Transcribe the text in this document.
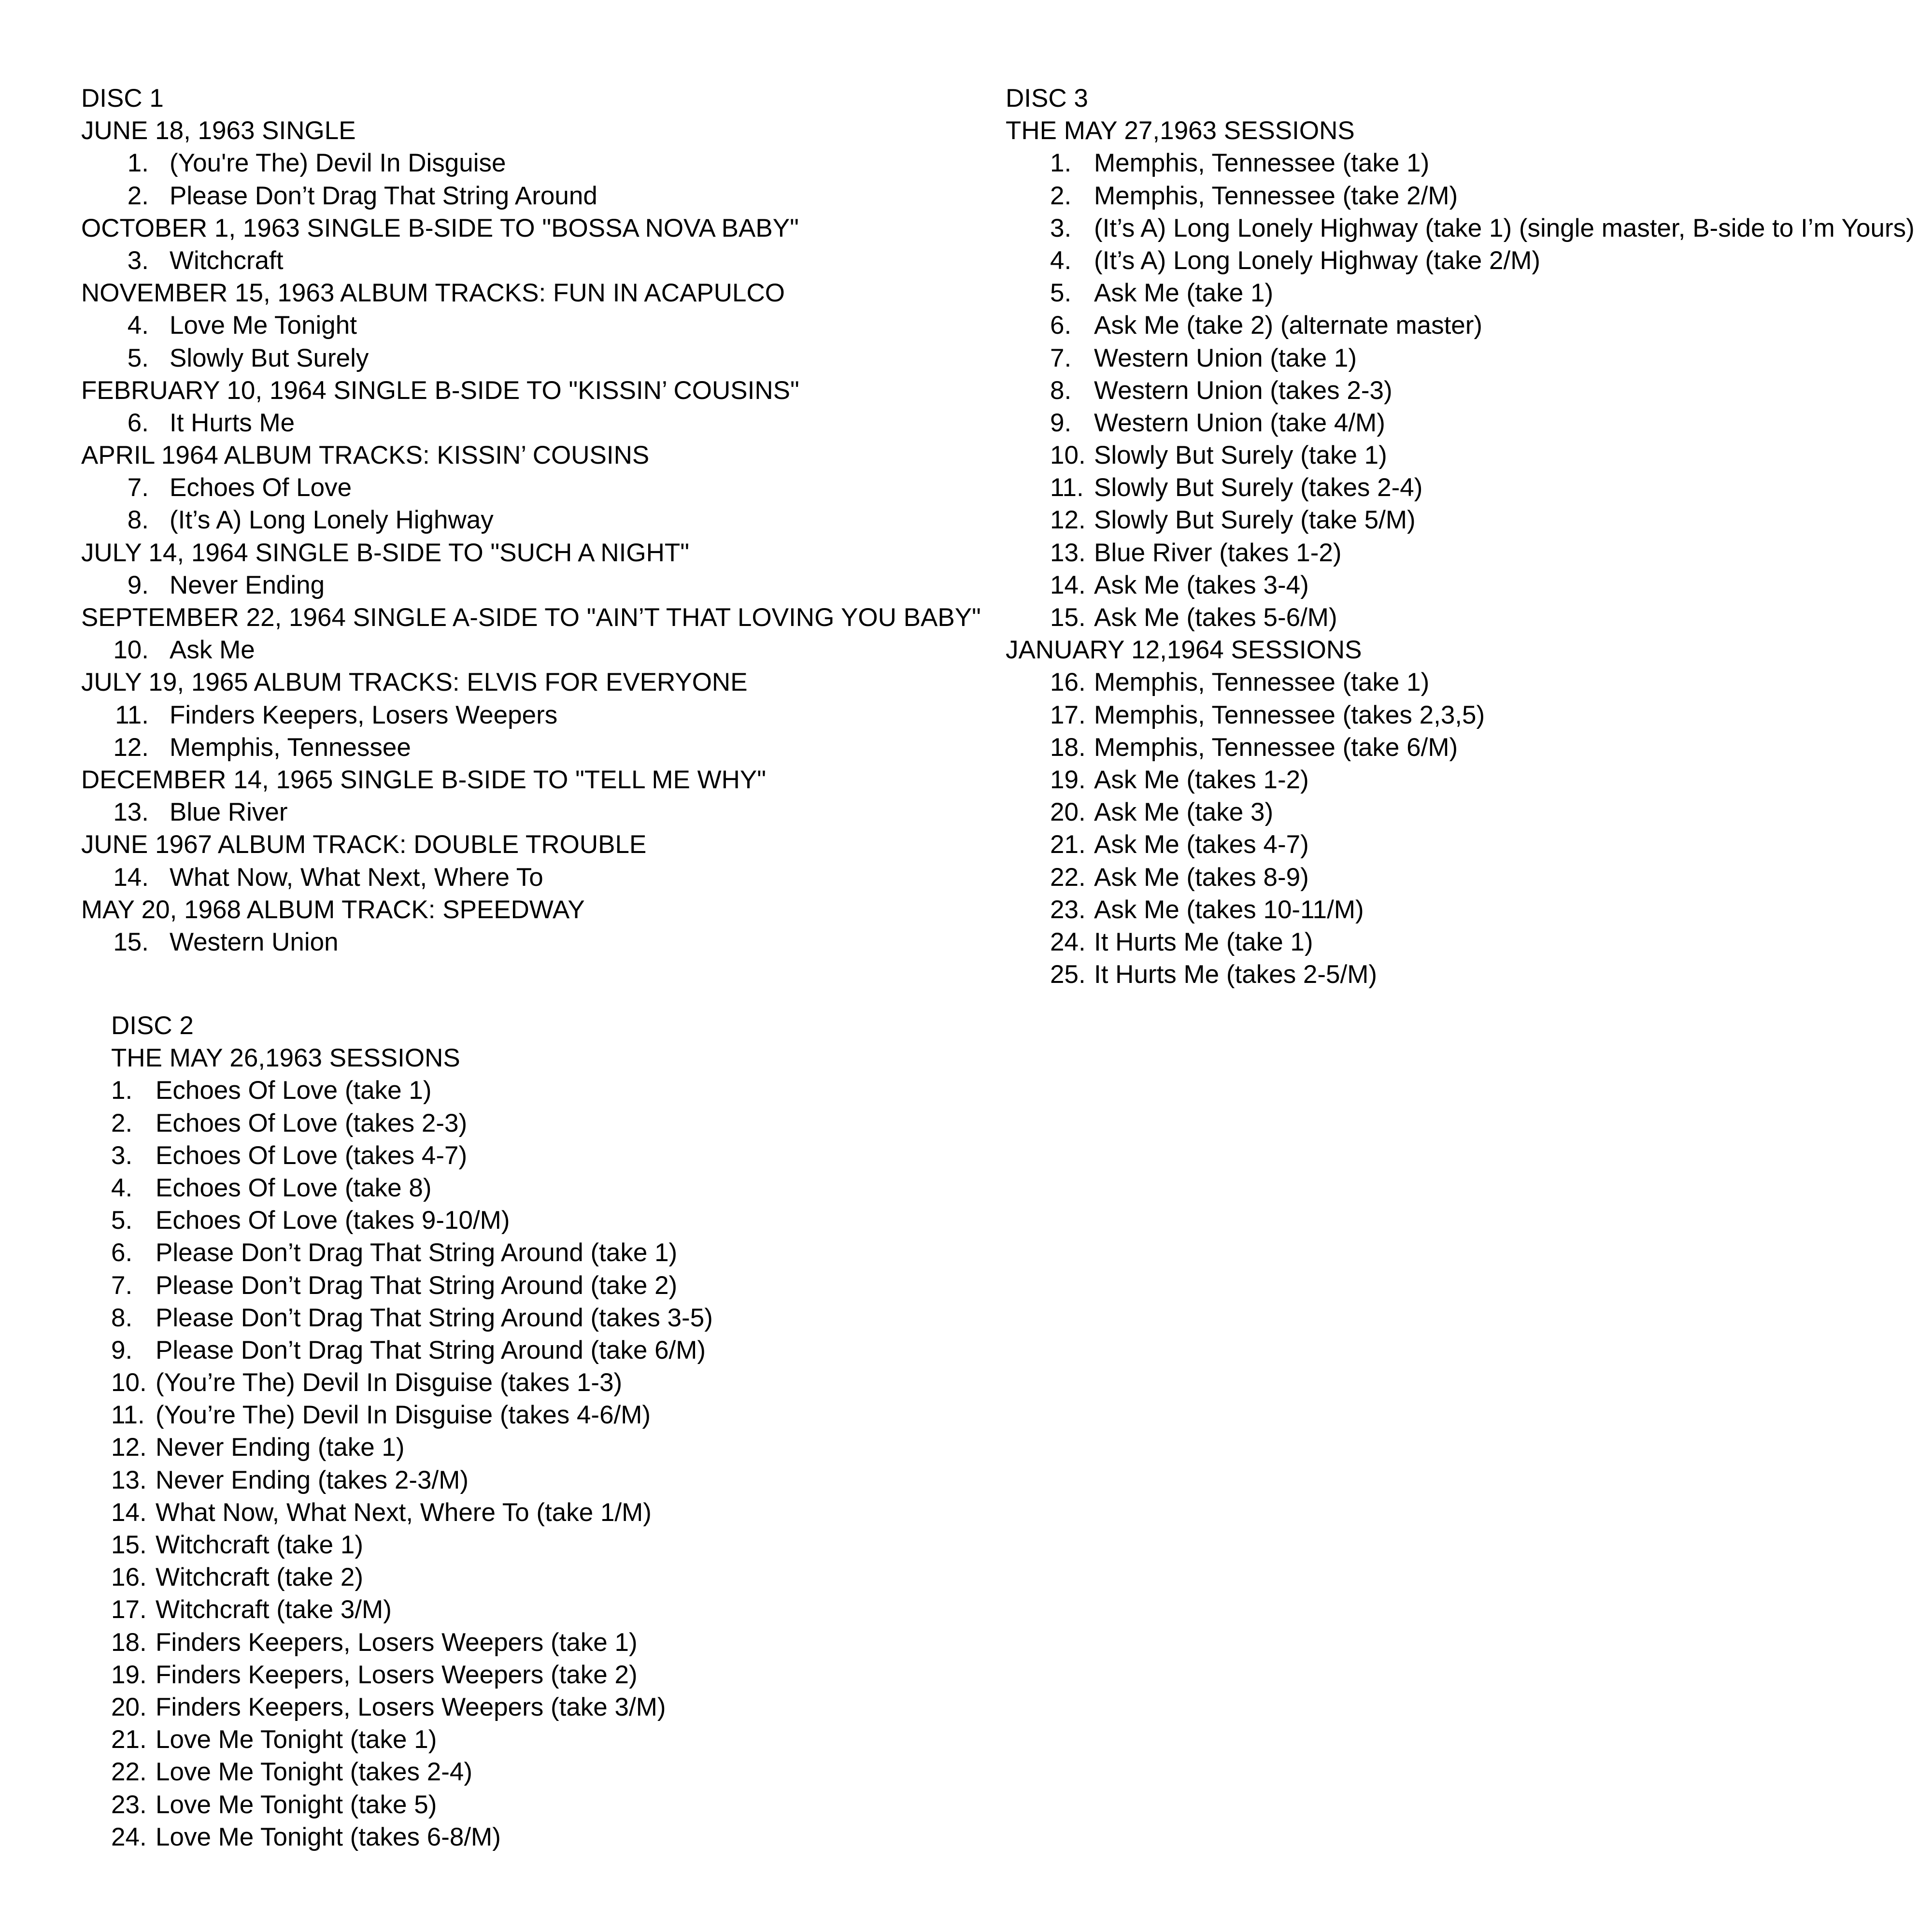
DISC 1
JUNE 18, 1963 SINGLE
1. (You're The) Devil In Disguise
2. Please Don’t Drag That String Around
OCTOBER 1, 1963 SINGLE B-SIDE TO "BOSSA NOVA BABY"
3. Witchcraft
NOVEMBER 15, 1963 ALBUM TRACKS: FUN IN ACAPULCO
4. Love Me Tonight
5. Slowly But Surely
FEBRUARY 10, 1964 SINGLE B-SIDE TO "KISSIN’ COUSINS"
6. It Hurts Me
APRIL 1964 ALBUM TRACKS: KISSIN’ COUSINS
7. Echoes Of Love
8. (It’s A) Long Lonely Highway
JULY 14, 1964 SINGLE B-SIDE TO "SUCH A NIGHT"
9. Never Ending
SEPTEMBER 22, 1964 SINGLE A-SIDE TO "AIN’T THAT LOVING YOU BABY"
10. Ask Me
JULY 19, 1965 ALBUM TRACKS: ELVIS FOR EVERYONE
11. Finders Keepers, Losers Weepers
12. Memphis, Tennessee
DECEMBER 14, 1965 SINGLE B-SIDE TO "TELL ME WHY"
13. Blue River
JUNE 1967 ALBUM TRACK: DOUBLE TROUBLE
14. What Now, What Next, Where To
MAY 20, 1968 ALBUM TRACK: SPEEDWAY
15. Western Union
DISC 2
THE MAY 26,1963 SESSIONS
1. Echoes Of Love (take 1)
2. Echoes Of Love (takes 2-3)
3. Echoes Of Love (takes 4-7)
4. Echoes Of Love (take 8)
5. Echoes Of Love (takes 9-10/M)
6. Please Don’t Drag That String Around (take 1)
7. Please Don’t Drag That String Around (take 2)
8. Please Don’t Drag That String Around (takes 3-5)
9. Please Don’t Drag That String Around (take 6/M)
10. (You’re The) Devil In Disguise (takes 1-3)
11. (You’re The) Devil In Disguise (takes 4-6/M)
12. Never Ending (take 1)
13. Never Ending (takes 2-3/M)
14. What Now, What Next, Where To (take 1/M)
15. Witchcraft (take 1)
16. Witchcraft (take 2)
17. Witchcraft (take 3/M)
18. Finders Keepers, Losers Weepers (take 1)
19. Finders Keepers, Losers Weepers (take 2)
20. Finders Keepers, Losers Weepers (take 3/M)
21. Love Me Tonight (take 1)
22. Love Me Tonight (takes 2-4)
23. Love Me Tonight (take 5)
24. Love Me Tonight (takes 6-8/M)
DISC 3
THE MAY 27,1963 SESSIONS
1. Memphis, Tennessee (take 1)
2. Memphis, Tennessee (take 2/M)
3. (It’s A) Long Lonely Highway (take 1) (single master, B-side to I’m Yours)
4. (It’s A) Long Lonely Highway (take 2/M)
5. Ask Me (take 1)
6. Ask Me (take 2) (alternate master)
7. Western Union (take 1)
8. Western Union (takes 2-3)
9. Western Union (take 4/M)
10. Slowly But Surely (take 1)
11. Slowly But Surely (takes 2-4)
12. Slowly But Surely (take 5/M)
13. Blue River (takes 1-2)
14. Ask Me (takes 3-4)
15. Ask Me (takes 5-6/M)
JANUARY 12,1964 SESSIONS
16. Memphis, Tennessee (take 1)
17. Memphis, Tennessee (takes 2,3,5)
18. Memphis, Tennessee (take 6/M)
19. Ask Me (takes 1-2)
20. Ask Me (take 3)
21. Ask Me (takes 4-7)
22. Ask Me (takes 8-9)
23. Ask Me (takes 10-11/M)
24. It Hurts Me (take 1)
25. It Hurts Me (takes 2-5/M)
